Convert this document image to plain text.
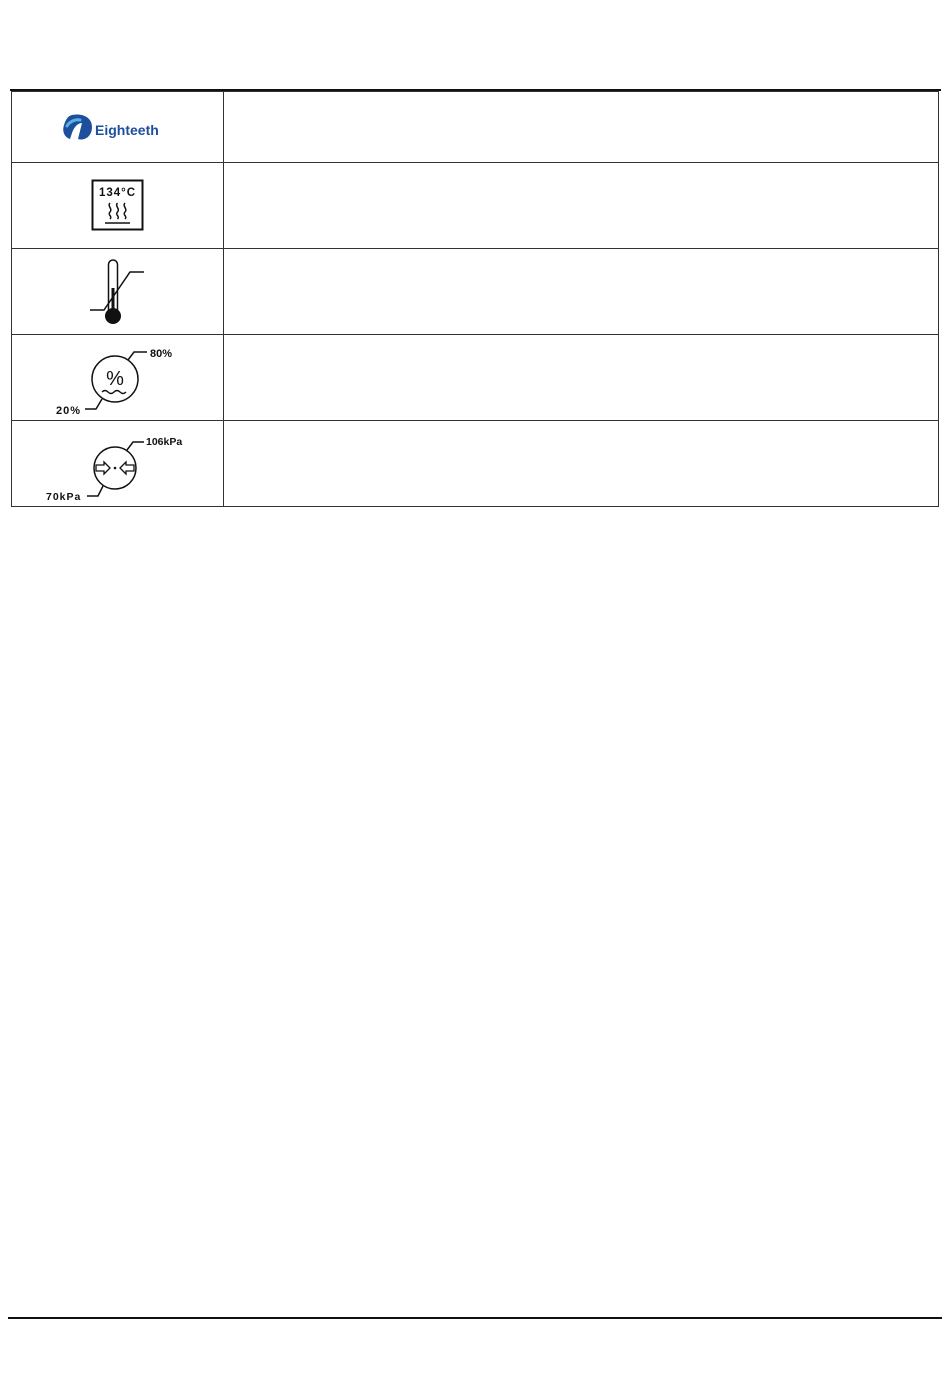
Eighteeth	

134°C	

%
80%
20%	

106kPa
70kPa	
